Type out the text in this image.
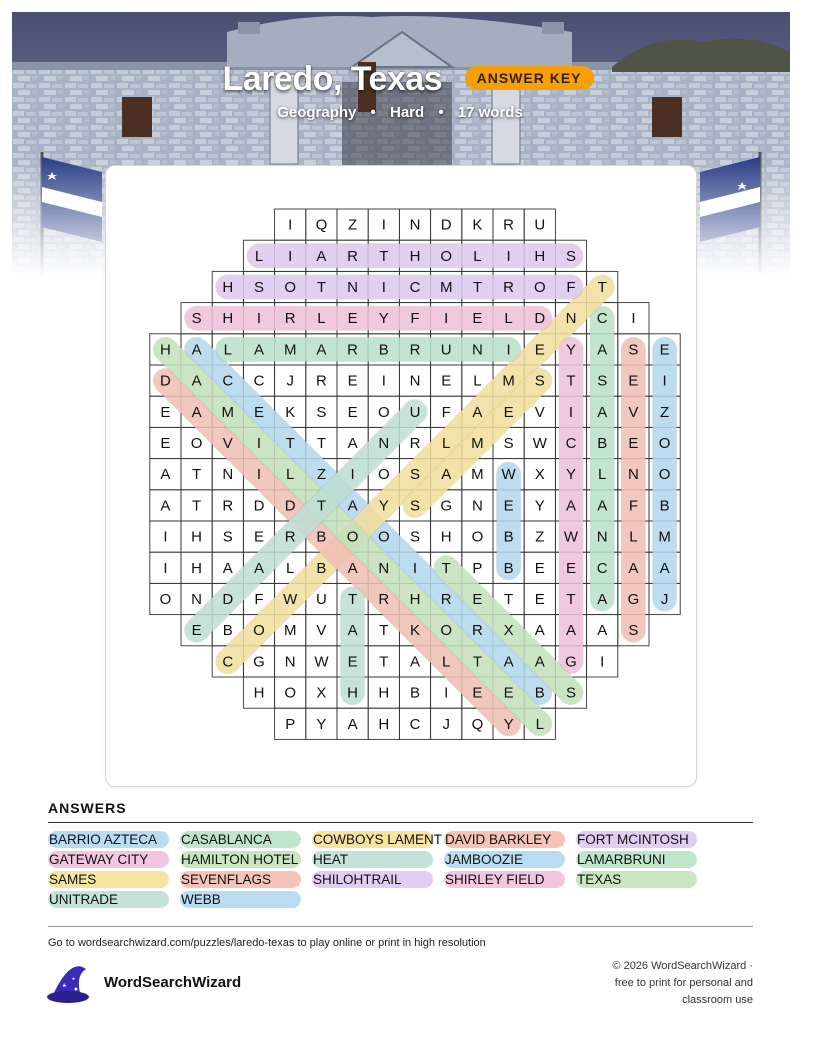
Laredo, Texas ANSWER KEY
Geography • Hard • 17 words
I Q Z I N D K R U
L I A R T H O L I H S
H S O T N I C M T R O F T
S H I R L E Y F I E L D N C I
H A L A M A R B R U N I E Y A S E
D A C C J R E I N E L M S T S E I
E A M E K S E O U F A E V I A V Z
E O V I T T A N R L M S W C B E O
A T N I L Z I O S A M W X Y L N O
A T R D D T A Y S G N E Y A A F B
I H S E R B O O S H O B Z W N L M
I H A A L B A N I T P B E E C A A
O N D F W U T R H R E T E T A G J
E B O M V A T K O R X A A A S
C G N W E T A L T A A G I
H O X H H B I E E B S
P Y A H C J Q Y L
ANSWERS
BARRIO AZTECA	CASABLANCA	COWBOYS LAMENT DAVID BARKLEY	FORT MCINTOSH
GATEWAY CITY	HAMILTON HOTEL HEAT	JAMBOOZIE	LAMARBRUNI
SAMES	SEVENFLAGS	SHILOHTRAIL	SHIRLEY FIELD	TEXAS
UNITRADE	WEBB
Go to wordsearchwizard.com/puzzles/laredo-texas to play online or print in high resolution
WordSearchWizard
© 2026 WordSearchWizard ·
free to print for personal and
classroom use
